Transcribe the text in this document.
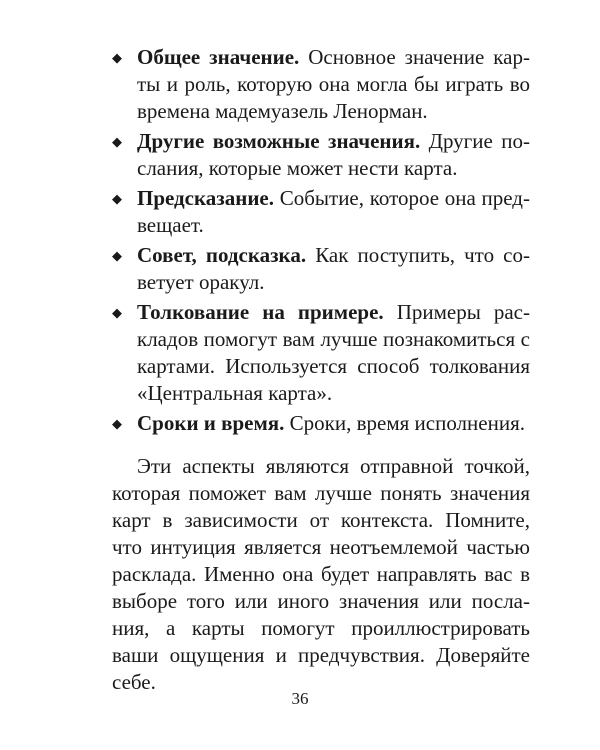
◆ Общее значение. Основное значение карты и роль, которую она могла бы играть во времена мадемуазель Ленорман.
◆ Другие возможные значения. Другие послания, которые может нести карта.
◆ Предсказание. Событие, которое она предвещает.
◆ Совет, подсказка. Как поступить, что советует оракул.
◆ Толкование на примере. Примеры раскладов помогут вам лучше познакомиться с картами. Используется способ толкования «Центральная карта».
◆ Сроки и время. Сроки, время исполнения.

Эти аспекты являются отправной точкой, которая поможет вам лучше понять значения карт в зависимости от контекста. Помните, что интуиция является неотъемлемой частью расклада. Именно она будет направлять вас в выборе того или иного значения или послания, а карты помогут проиллюстрировать ваши ощущения и предчувствия. Доверяйте себе.

36
